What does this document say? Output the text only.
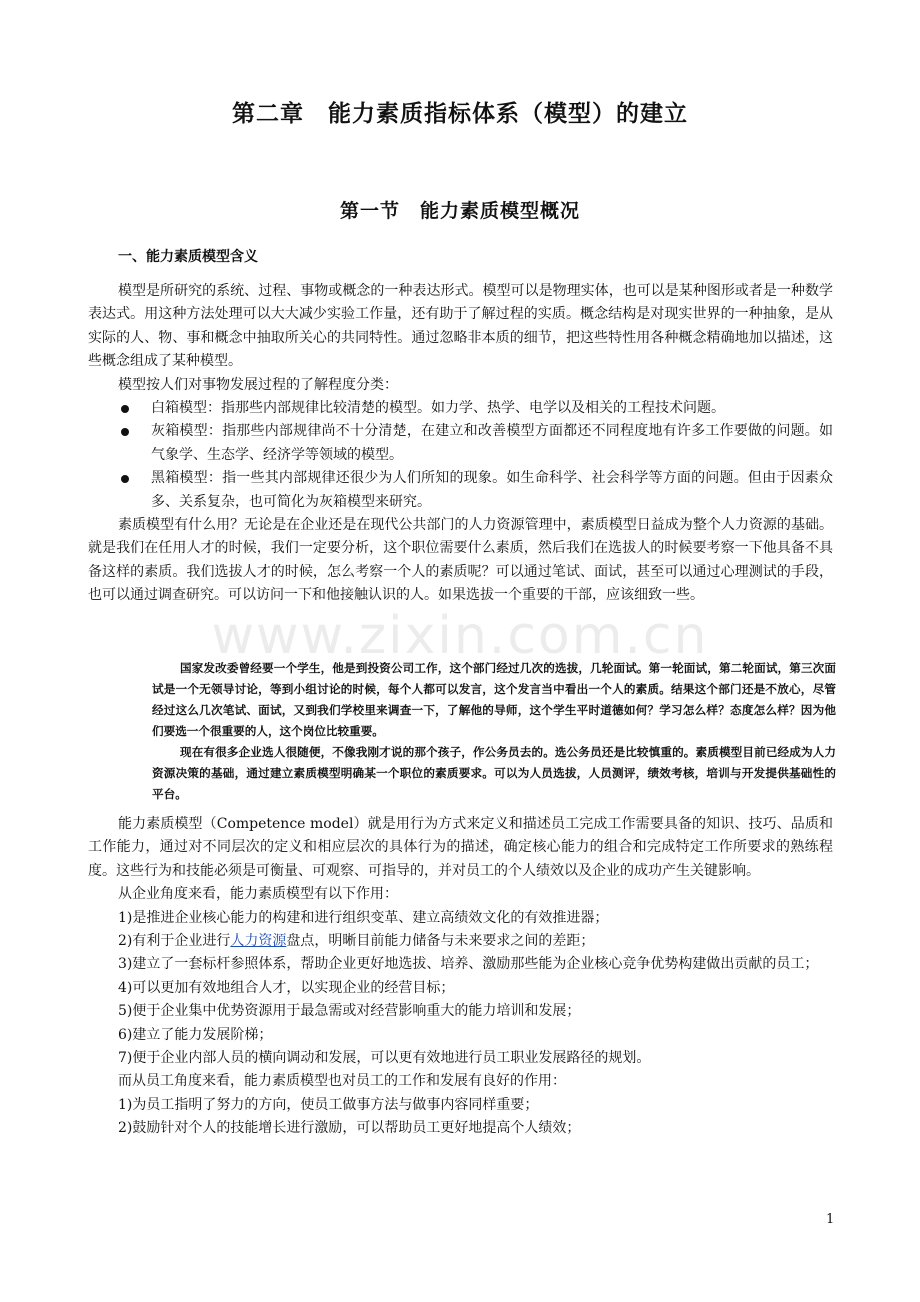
第二章　能力素质指标体系（模型）的建立
第一节　能力素质模型概况
一、能力素质模型含义

模型是所研究的系统、过程、事物或概念的一种表达形式。模型可以是物理实体，也可以是某种图形或者是一种数学表达式。用这种方法处理可以大大减少实验工作量，还有助于了解过程的实质。概念结构是对现实世界的一种抽象，是从实际的人、物、事和概念中抽取所关心的共同特性。通过忽略非本质的细节，把这些特性用各种概念精确地加以描述，这些概念组成了某种模型。

模型按人们对事物发展过程的了解程度分类：

白箱模型：指那些内部规律比较清楚的模型。如力学、热学、电学以及相关的工程技术问题。
灰箱模型：指那些内部规律尚不十分清楚，在建立和改善模型方面都还不同程度地有许多工作要做的问题。如气象学、生态学、经济学等领域的模型。
黑箱模型：指一些其内部规律还很少为人们所知的现象。如生命科学、社会科学等方面的问题。但由于因素众多、关系复杂，也可简化为灰箱模型来研究。

素质模型有什么用？无论是在企业还是在现代公共部门的人力资源管理中，素质模型日益成为整个人力资源的基础。就是我们在任用人才的时候，我们一定要分析，这个职位需要什么素质，然后我们在选拔人的时候要考察一下他具备不具备这样的素质。我们选拔人才的时候，怎么考察一个人的素质呢？可以通过笔试、面试，甚至可以通过心理测试的手段，也可以通过调查研究。可以访问一下和他接触认识的人。如果选拔一个重要的干部，应该细致一些。

www.zixin.com.cn

国家发改委曾经要一个学生，他是到投资公司工作，这个部门经过几次的选拔，几轮面试。第一轮面试，第二轮面试，第三次面试是一个无领导讨论，等到小组讨论的时候，每个人都可以发言，这个发言当中看出一个人的素质。结果这个部门还是不放心，尽管经过这么几次笔试、面试，又到我们学校里来调查一下，了解他的导师，这个学生平时道德如何？学习怎么样？态度怎么样？因为他们要选一个很重要的人，这个岗位比较重要。

现在有很多企业选人很随便，不像我刚才说的那个孩子，作公务员去的。选公务员还是比较慎重的。素质模型目前已经成为人力资源决策的基础，通过建立素质模型明确某一个职位的素质要求。可以为人员选拔，人员测评，绩效考核，培训与开发提供基础性的平台。

能力素质模型（Competence model）就是用行为方式来定义和描述员工完成工作需要具备的知识、技巧、品质和工作能力，通过对不同层次的定义和相应层次的具体行为的描述，确定核心能力的组合和完成特定工作所要求的熟练程度。这些行为和技能必须是可衡量、可观察、可指导的，并对员工的个人绩效以及企业的成功产生关键影响。

从企业角度来看，能力素质模型有以下作用：

1)是推进企业核心能力的构建和进行组织变革、建立高绩效文化的有效推进器；

2)有利于企业进行人力资源盘点，明晰目前能力储备与未来要求之间的差距；

3)建立了一套标杆参照体系，帮助企业更好地选拔、培养、激励那些能为企业核心竞争优势构建做出贡献的员工；

4)可以更加有效地组合人才，以实现企业的经营目标；

5)便于企业集中优势资源用于最急需或对经营影响重大的能力培训和发展；

6)建立了能力发展阶梯；

7)便于企业内部人员的横向调动和发展，可以更有效地进行员工职业发展路径的规划。

而从员工角度来看，能力素质模型也对员工的工作和发展有良好的作用：

1)为员工指明了努力的方向，使员工做事方法与做事内容同样重要；

2)鼓励针对个人的技能增长进行激励，可以帮助员工更好地提高个人绩效；

1
